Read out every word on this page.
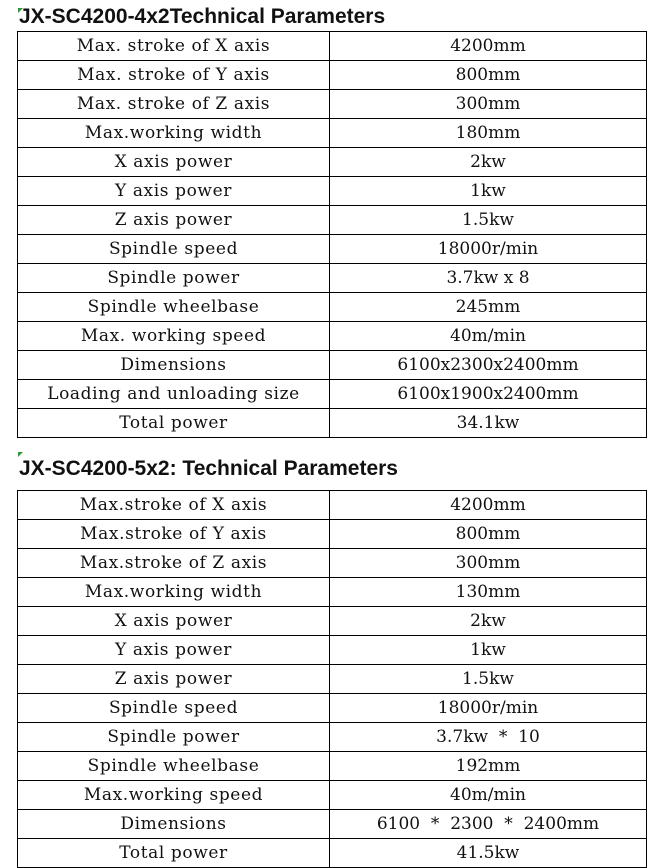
JX-SC4200-4x2Technical Parameters
Max. stroke of X axis	4200mm
Max. stroke of Y axis	800mm
Max. stroke of Z axis	300mm
Max.working width	180mm
X axis power	2kw
Y axis power	1kw
Z axis power	1.5kw
Spindle speed	18000r/min
Spindle power	3.7kw x 8
Spindle wheelbase	245mm
Max. working speed	40m/min
Dimensions	6100x2300x2400mm
Loading and unloading size	6100x1900x2400mm
Total power	34.1kw
JX-SC4200-5x2: Technical Parameters
Max.stroke of X axis	4200mm
Max.stroke of Y axis	800mm
Max.stroke of Z axis	300mm
Max.working width	130mm
X axis power	2kw
Y axis power	1kw
Z axis power	1.5kw
Spindle speed	18000r/min
Spindle power	3.7kw  *  10
Spindle wheelbase	192mm
Max.working speed	40m/min
Dimensions	6100  *  2300  *  2400mm
Total power	41.5kw
